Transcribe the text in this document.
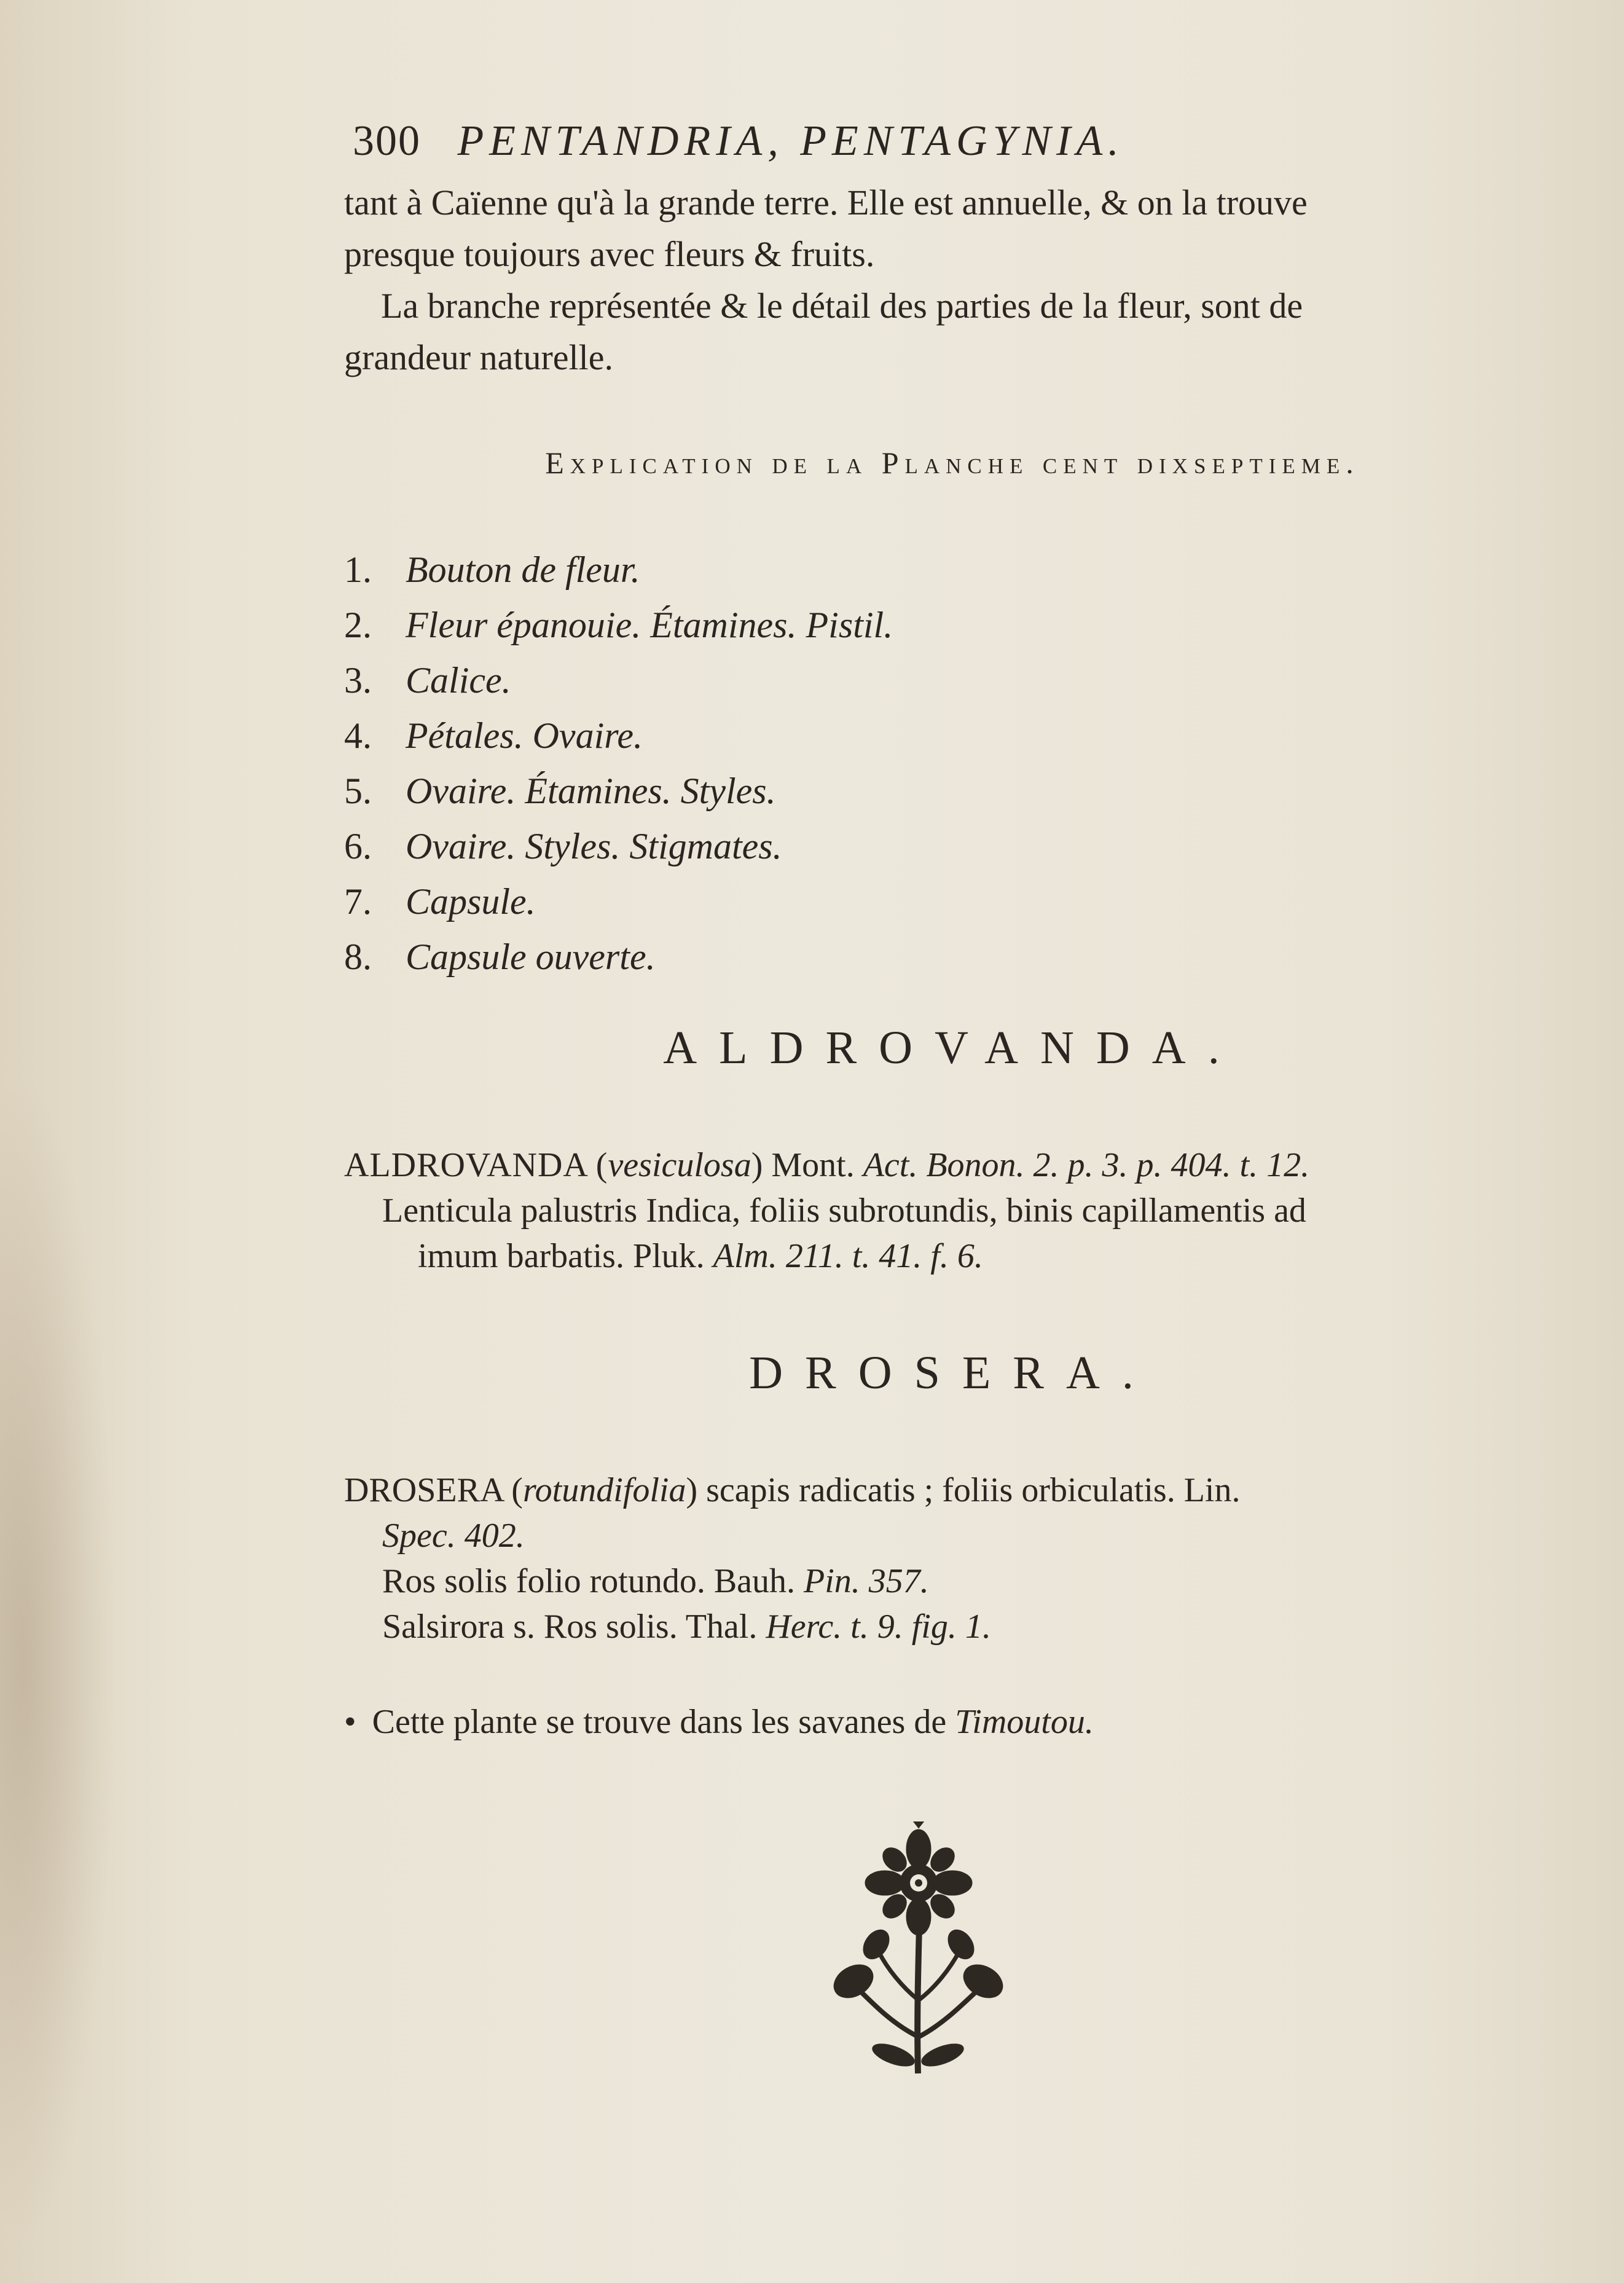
300 PENTANDRIA, PENTAGYNIA.

tant à Caïenne qu'à la grande terre. Elle est annuelle, & on la trouve

presque toujours avec fleurs & fruits.

La branche représentée & le détail des parties de la fleur, sont de

grandeur naturelle.

Explication de la Planche cent dixseptieme.
1. Bouton de fleur.
2. Fleur épanouie. Étamines. Pistil.
3. Calice.
4. Pétales. Ovaire.
5. Ovaire. Étamines. Styles.
6. Ovaire. Styles. Stigmates.
7. Capsule.
8. Capsule ouverte.
ALDROVANDA.

ALDROVANDA (vesiculosa) Mont. Act. Bonon. 2. p. 3. p. 404. t. 12.

Lenticula palustris Indica, foliis subrotundis, binis capillamentis ad

imum barbatis. Pluk. Alm. 211. t. 41. f. 6.

DROSERA.

DROSERA (rotundifolia) scapis radicatis ; foliis orbiculatis. Lin.

Spec. 402.

Ros solis folio rotundo. Bauh. Pin. 357.

Salsirora s. Ros solis. Thal. Herc. t. 9. fig. 1.

• Cette plante se trouve dans les savanes de Timoutou.
